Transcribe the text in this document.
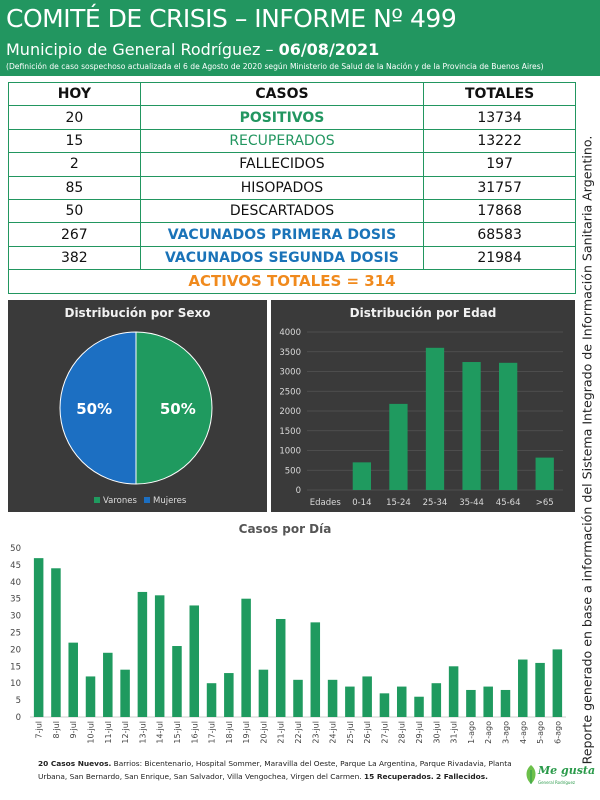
COMITÉ DE CRISIS – INFORME Nº 499
Municipio de General Rodríguez – 06/08/2021
(Definición de caso sospechoso actualizada el 6 de Agosto de 2020 según Ministerio de Salud de la Nación y de la Provincia de Buenos Aires)
HOY	CASOS	TOTALES
20	POSITIVOS	13734
15	RECUPERADOS	13222
2	FALLECIDOS	197
85	HISOPADOS	31757
50	DESCARTADOS	17868
267	VACUNADOS PRIMERA DOSIS	68583
382	VACUNADOS SEGUNDA DOSIS	21984
ACTIVOS TOTALES = 314			Reporte generado en base a información del Sistema Integrado de Información Sanitaria Argentino.
Distribución por Sexo
50%
50%
Varones Mujeres
Distribución por Edad
0
500
1000
1500
2000
2500
3000
3500
4000
Edades 0-14 15-24 25-34 35-44 45-64 >65
Casos por Día
0
5
10
15
20
25
30
35
40
45
50
7-jul 8-jul 9-jul 10-jul 11-jul 12-jul 13-jul 14-jul 15-jul 16-jul 17-jul 18-jul 19-jul 20-jul 21-jul 22-jul 23-jul 24-jul 25-jul 26-jul 27-jul 28-jul 29-jul 30-jul 31-jul 1-ago 2-ago 3-ago 4-ago 5-ago 6-ago
20 Casos Nuevos. Barrios: Bicentenario, Hospital Sommer, Maravilla del Oeste, Parque La Argentina, Parque Rivadavia, Planta Urbana, San Bernardo, San Enrique, San Salvador, Villa Vengochea, Virgen del Carmen. 15 Recuperados. 2 Fallecidos.	Me gusta
General Rodríguez
